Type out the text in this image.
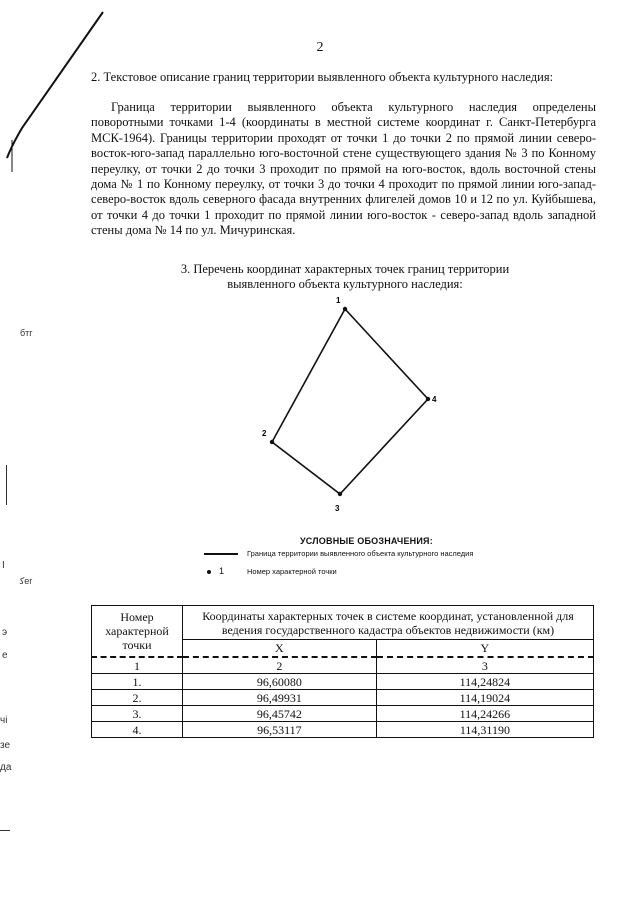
бтг
ﮐer
I
э
е
чі
зе
да
2
2. Текстовое описание границ территории выявленного объекта культурного наследия:
Граница территории выявленного объекта культурного наследия определены поворотными точками 1-4 (координаты в местной системе координат г. Санкт-Петербурга МСК-1964). Границы территории проходят от точки 1 до точки 2 по прямой линии северо-восток-юго-запад параллельно юго-восточной стене существующего здания № 3 по Конному переулку, от точки 2 до точки 3 проходит по прямой на юго-восток, вдоль восточной стены дома № 1 по Конному переулку, от точки 3 до точки 4 проходит по прямой линии юго-запад-северо-восток вдоль северного фасада внутренних флигелей домов 10 и 12 по ул. Куйбышева, от точки 4 до точки 1 проходит по прямой линии юго-восток - северо-запад вдоль западной стены дома № 14 по ул. Мичуринская.
3. Перечень координат характерных точек границ территории
выявленного объекта культурного наследия:
1
2
3
4
УСЛОВНЫЕ ОБОЗНАЧЕНИЯ:
Граница территории выявленного объекта культурного наследия
1	Номер характерной точки
Номер характерной точки	Координаты характерных точек в системе координат, установленной для ведения государственного кадастра объектов недвижимости (км)	
	X	Y
1	2	3
1.	96,60080	114,24824
2.	96,49931	114,19024
3.	96,45742	114,24266
4.	96,53117	114,31190
